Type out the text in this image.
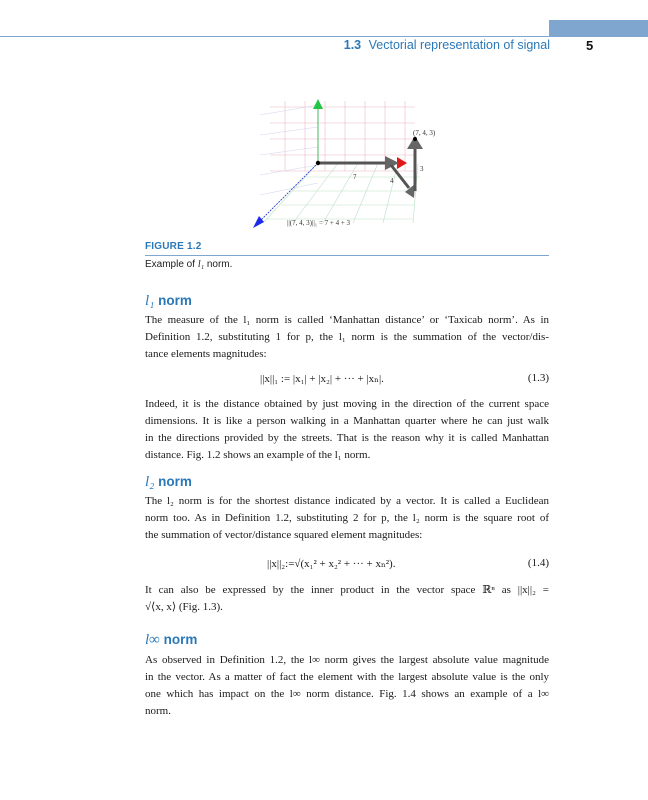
1.3 Vectorial representation of signal	5
(7, 4, 3)
7	4
3
||(7, 4, 3)||₁ = 7 + 4 + 3
FIGURE 1.2
Example of l₁ norm.
l₁ norm
The measure of the l₁ norm is called ‘Manhattan distance’ or ‘Taxicab norm’. As in
Definition 1.2, substituting 1 for p, the l₁ norm is the summation of the vector/dis-
tance elements magnitudes:
||x||₁ := |x₁| + |x₂| + ··· + |xₙ|.	(1.3)
Indeed, it is the distance obtained by just moving in the direction of the current space
dimensions. It is like a person walking in a Manhattan quarter where he can just walk
in the directions provided by the streets. That is the reason why it is called Manhattan
distance. Fig. 1.2 shows an example of the l₁ norm.
l₂ norm
The l₂ norm is for the shortest distance indicated by a vector. It is called a Euclidean
norm too. As in Definition 1.2, substituting 2 for p, the l₂ norm is the square root of
the summation of vector/distance squared element magnitudes:
||x||₂:=√(x₁² + x₂² + ··· + xₙ²).	(1.4)
It can also be expressed by the inner product in the vector space ℝⁿ as ||x||₂ =
√⟨x, x⟩ (Fig. 1.3).
l∞ norm
As observed in Definition 1.2, the l∞ norm gives the largest absolute value magnitude
in the vector. As a matter of fact the element with the largest absolute value is the only
one which has impact on the l∞ norm distance. Fig. 1.4 shows an example of a l∞
norm.
